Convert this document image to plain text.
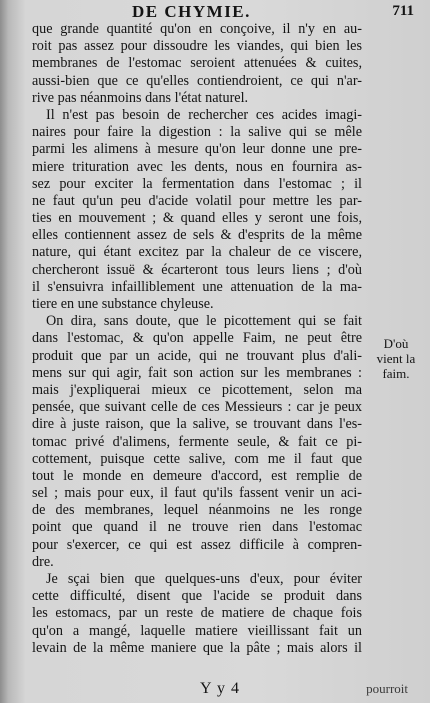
DE CHYMIE.	711
que grande quantité qu'on en conçoive, il n'y en au-
roit pas assez pour dissoudre les viandes, qui bien les
membranes de l'estomac seroient attenuées & cuites,
aussi-bien que ce qu'elles contiendroient, ce qui n'ar-
rive pas néanmoins dans l'état naturel.
Il n'est pas besoin de rechercher ces acides imagi-
naires pour faire la digestion : la salive qui se mêle
parmi les alimens à mesure qu'on leur donne une pre-
miere trituration avec les dents, nous en fournira as-
sez pour exciter la fermentation dans l'estomac ; il
ne faut qu'un peu d'acide volatil pour mettre les par-
ties en mouvement ; & quand elles y seront une fois,
elles contiennent assez de sels & d'esprits de la même
nature, qui étant excitez par la chaleur de ce viscere,
chercheront issuë & écarteront tous leurs liens ; d'où
il s'ensuivra infailliblement une attenuation de la ma-
tiere en une substance chyleuse.
On dira, sans doute, que le picottement qui se fait
dans l'estomac, & qu'on appelle Faim, ne peut être
produit que par un acide, qui ne trouvant plus d'ali-
mens sur qui agir, fait son action sur les membranes :
mais j'expliquerai mieux ce picottement, selon ma
pensée, que suivant celle de ces Messieurs : car je peux
dire à juste raison, que la salive, se trouvant dans l'es-
tomac privé d'alimens, fermente seule, & fait ce pi-
cottement, puisque cette salive, com me il faut que
tout le monde en demeure d'accord, est remplie de
sel ; mais pour eux, il faut qu'ils fassent venir un aci-
de des membranes, lequel néanmoins ne les ronge
point que quand il ne trouve rien dans l'estomac
pour s'exercer, ce qui est assez difficile à compren-
dre.
Je sçai bien que quelques-uns d'eux, pour éviter
cette difficulté, disent que l'acide se produit dans
les estomacs, par un reste de matiere de chaque fois
qu'on a mangé, laquelle matiere vieillissant fait un
levain de la même maniere que la pâte ; mais alors il
D'où
vient la
faim.
Y y 4	pourroit
